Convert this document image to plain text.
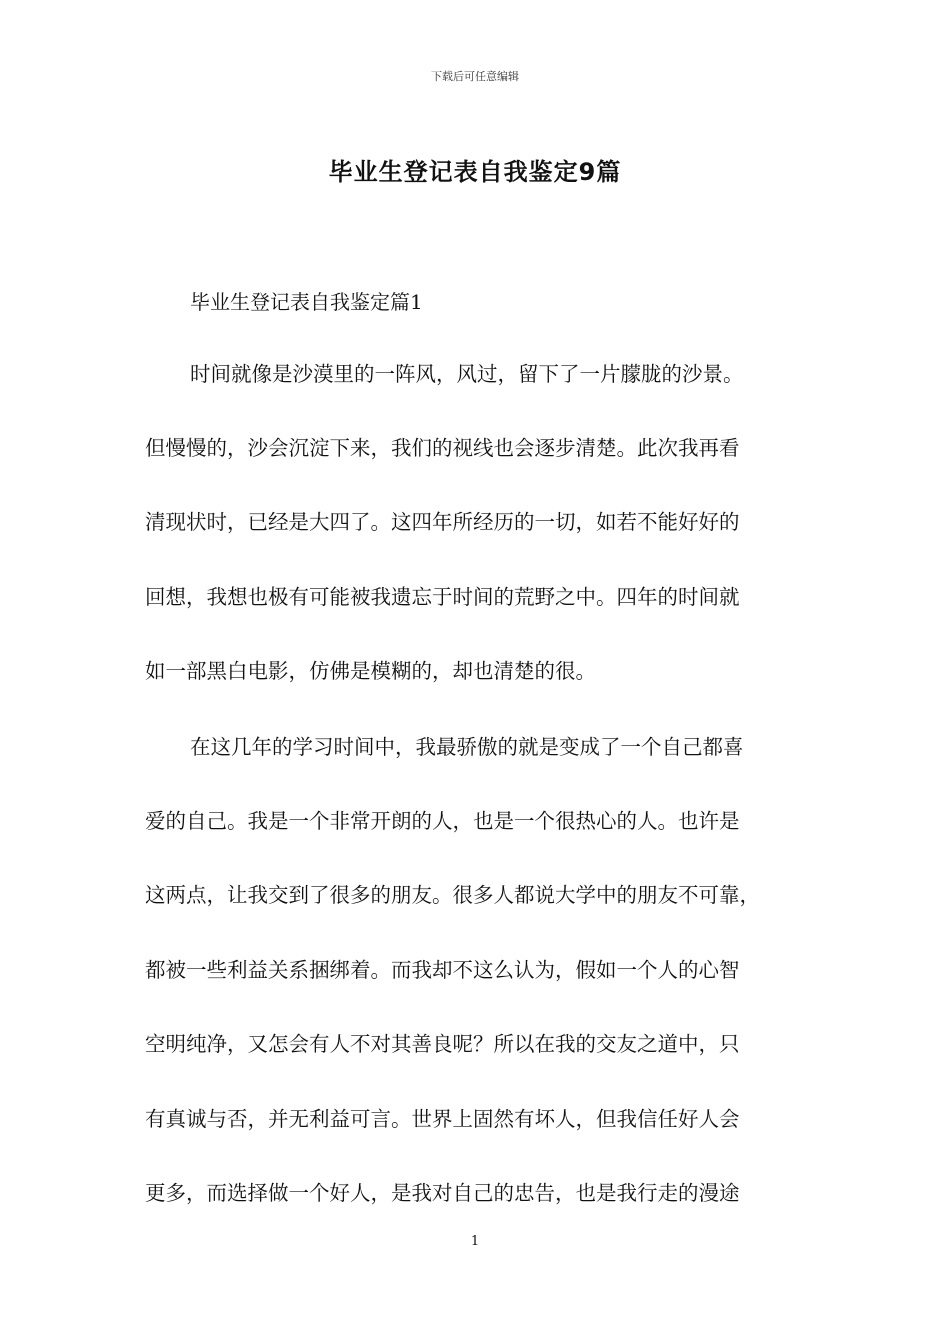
下载后可任意编辑
毕业生登记表自我鉴定9篇
毕业生登记表自我鉴定篇1
时间就像是沙漠里的一阵风，风过，留下了一片朦胧的沙景。
但慢慢的，沙会沉淀下来，我们的视线也会逐步清楚。此次我再看
清现状时，已经是大四了。这四年所经历的一切，如若不能好好的
回想，我想也极有可能被我遗忘于时间的荒野之中。四年的时间就
如一部黑白电影，仿佛是模糊的，却也清楚的很。
在这几年的学习时间中，我最骄傲的就是变成了一个自己都喜
爱的自己。我是一个非常开朗的人，也是一个很热心的人。也许是
这两点，让我交到了很多的朋友。很多人都说大学中的朋友不可靠，
都被一些利益关系捆绑着。而我却不这么认为，假如一个人的心智
空明纯净，又怎会有人不对其善良呢？所以在我的交友之道中，只
有真诚与否，并无利益可言。世界上固然有坏人，但我信任好人会
更多，而选择做一个好人，是我对自己的忠告，也是我行走的漫途
1
